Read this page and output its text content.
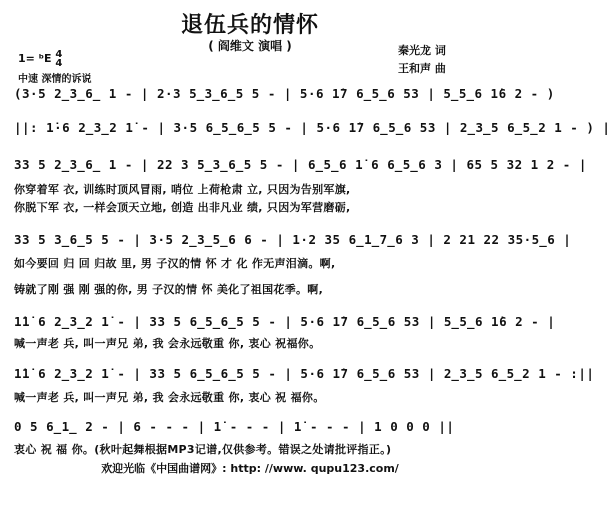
退伍兵的情怀
( 阎维文 演唱 )	秦光龙 词
王和声 曲
1= ᵇE 4
4
中速 深情的诉说
(3·5 2̲3̲6̲ 1 - | 2·3 5̲3̲6̲5 5 - | 5·6 1̇7 6̲5̲6 53 | 5̲5̲6 1̇6 2 - )
||: 1̇·6 2̲3̲2 1̇ - | 3·5 6̲5̲6̲5 5 - | 5·6 1̇7 6̲5̲6 53 | 2̲3̲5 6̲5̲2 1 - ) |
33 5 2̲3̲6̲ 1 - | 22 3 5̲3̲6̲5 5 - | 6̲5̲6 1̇ 6 6̲5̲6 3 | 65 5 32 1 2 - |
你穿着军 衣, 训练时顶风冒雨, 哨位 上荷枪肃 立, 只因为告别军旗,
你脱下军 衣, 一样会顶天立地, 创造 出非凡业 绩, 只因为军营磨砺,
33 5 3̲6̲5 5 - | 3·5 2̲3̲5̲6 6 - | 1·2 35 6̲1̲7̲6 3 | 2 21 22 35·5̲6 |
如今要回 归 回 归故 里, 男 子汉的情 怀 才 化 作无声泪滴。啊,
铸就了刚 强 刚 强的你, 男 子汉的情 怀 美化了祖国花季。啊,
1̇1̇ 6 2̲3̲2 1̇ - | 33 5 6̲5̲6̲5 5 - | 5·6 1̇7 6̲5̲6 53 | 5̲5̲6 1̇6 2 - |
喊一声老 兵, 叫一声兄 弟, 我 会永远敬重 你, 衷心 祝福你。
1̇1̇ 6 2̲3̲2 1̇ - | 33 5 6̲5̲6̲5 5 - | 5·6 1̇7 6̲5̲6 53 | 2̲3̲5 6̲5̲2 1 - :||
喊一声老 兵, 叫一声兄 弟, 我 会永远敬重 你, 衷心 祝 福你。
0 5 6̲1̲ 2 - | 6 - - - | 1̇ - - - | 1̇ - - - | 1 0 0 0 ||
衷心 祝 福 你。(秋叶起舞根据MP3记谱,仅供参考。错误之处请批评指正。)
欢迎光临《中国曲谱网》: http: //www. qupu123.com/
